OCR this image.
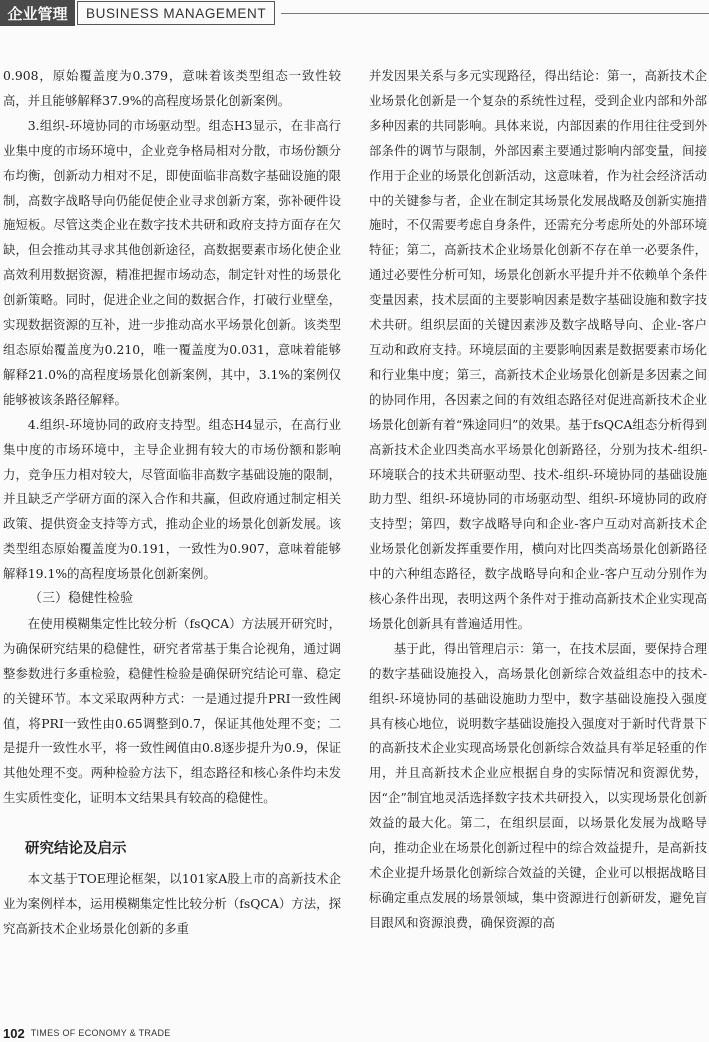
企业管理	BUSINESS MANAGEMENT

0.908，原始覆盖度为0.379，意味着该类型组态一致性较高，并且能够解释37.9%的高程度场景化创新案例。

3.组织-环境协同的市场驱动型。组态H3显示，在非高行业集中度的市场环境中，企业竞争格局相对分散，市场份额分布均衡，创新动力相对不足，即使面临非高数字基础设施的限制，高数字战略导向仍能促使企业寻求创新方案，弥补硬件设施短板。尽管这类企业在数字技术共研和政府支持方面存在欠缺，但会推动其寻求其他创新途径，高数据要素市场化使企业高效利用数据资源，精准把握市场动态，制定针对性的场景化创新策略。同时，促进企业之间的数据合作，打破行业壁垒，实现数据资源的互补，进一步推动高水平场景化创新。该类型组态原始覆盖度为0.210，唯一覆盖度为0.031，意味着能够解释21.0%的高程度场景化创新案例，其中，3.1%的案例仅能够被该条路径解释。

4.组织-环境协同的政府支持型。组态H4显示，在高行业集中度的市场环境中，主导企业拥有较大的市场份额和影响力，竞争压力相对较大，尽管面临非高数字基础设施的限制，并且缺乏产学研方面的深入合作和共赢，但政府通过制定相关政策、提供资金支持等方式，推动企业的场景化创新发展。该类型组态原始覆盖度为0.191，一致性为0.907，意味着能够解释19.1%的高程度场景化创新案例。

（三）稳健性检验

在使用模糊集定性比较分析（fsQCA）方法展开研究时，为确保研究结果的稳健性，研究者常基于集合论视角，通过调整参数进行多重检验，稳健性检验是确保研究结论可靠、稳定的关键环节。本文采取两种方式：一是通过提升PRI一致性阈值，将PRI一致性由0.65调整到0.7，保证其他处理不变；二是提升一致性水平，将一致性阈值由0.8逐步提升为0.9，保证其他处理不变。两种检验方法下，组态路径和核心条件均未发生实质性变化，证明本文结果具有较高的稳健性。

研究结论及启示

本文基于TOE理论框架，以101家A股上市的高新技术企业为案例样本，运用模糊集定性比较分析（fsQCA）方法，探究高新技术企业场景化创新的多重

并发因果关系与多元实现路径，得出结论：第一，高新技术企业场景化创新是一个复杂的系统性过程，受到企业内部和外部多种因素的共同影响。具体来说，内部因素的作用往往受到外部条件的调节与限制，外部因素主要通过影响内部变量，间接作用于企业的场景化创新活动，这意味着，作为社会经济活动中的关键参与者，企业在制定其场景化发展战略及创新实施措施时，不仅需要考虑自身条件，还需充分考虑所处的外部环境特征；第二，高新技术企业场景化创新不存在单一必要条件，通过必要性分析可知，场景化创新水平提升并不依赖单个条件变量因素，技术层面的主要影响因素是数字基础设施和数字技术共研。组织层面的关键因素涉及数字战略导向、企业-客户互动和政府支持。环境层面的主要影响因素是数据要素市场化和行业集中度；第三，高新技术企业场景化创新是多因素之间的协同作用，各因素之间的有效组态路径对促进高新技术企业场景化创新有着“殊途同归”的效果。基于fsQCA组态分析得到高新技术企业四类高水平场景化创新路径，分别为技术-组织-环境联合的技术共研驱动型、技术-组织-环境协同的基础设施助力型、组织-环境协同的市场驱动型、组织-环境协同的政府支持型；第四，数字战略导向和企业-客户互动对高新技术企业场景化创新发挥重要作用，横向对比四类高场景化创新路径中的六种组态路径，数字战略导向和企业-客户互动分别作为核心条件出现，表明这两个条件对于推动高新技术企业实现高场景化创新具有普遍适用性。

基于此，得出管理启示：第一，在技术层面，要保持合理的数字基础设施投入，高场景化创新综合效益组态中的技术-组织-环境协同的基础设施助力型中，数字基础设施投入强度具有核心地位，说明数字基础设施投入强度对于新时代背景下的高新技术企业实现高场景化创新综合效益具有举足轻重的作用，并且高新技术企业应根据自身的实际情况和资源优势，因“企”制宜地灵活选择数字技术共研投入，以实现场景化创新效益的最大化。第二，在组织层面，以场景化发展为战略导向，推动企业在场景化创新过程中的综合效益提升，是高新技术企业提升场景化创新综合效益的关键，企业可以根据战略目标确定重点发展的场景领域，集中资源进行创新研发，避免盲目跟风和资源浪费，确保资源的高

102 TIMES OF ECONOMY & TRADE
